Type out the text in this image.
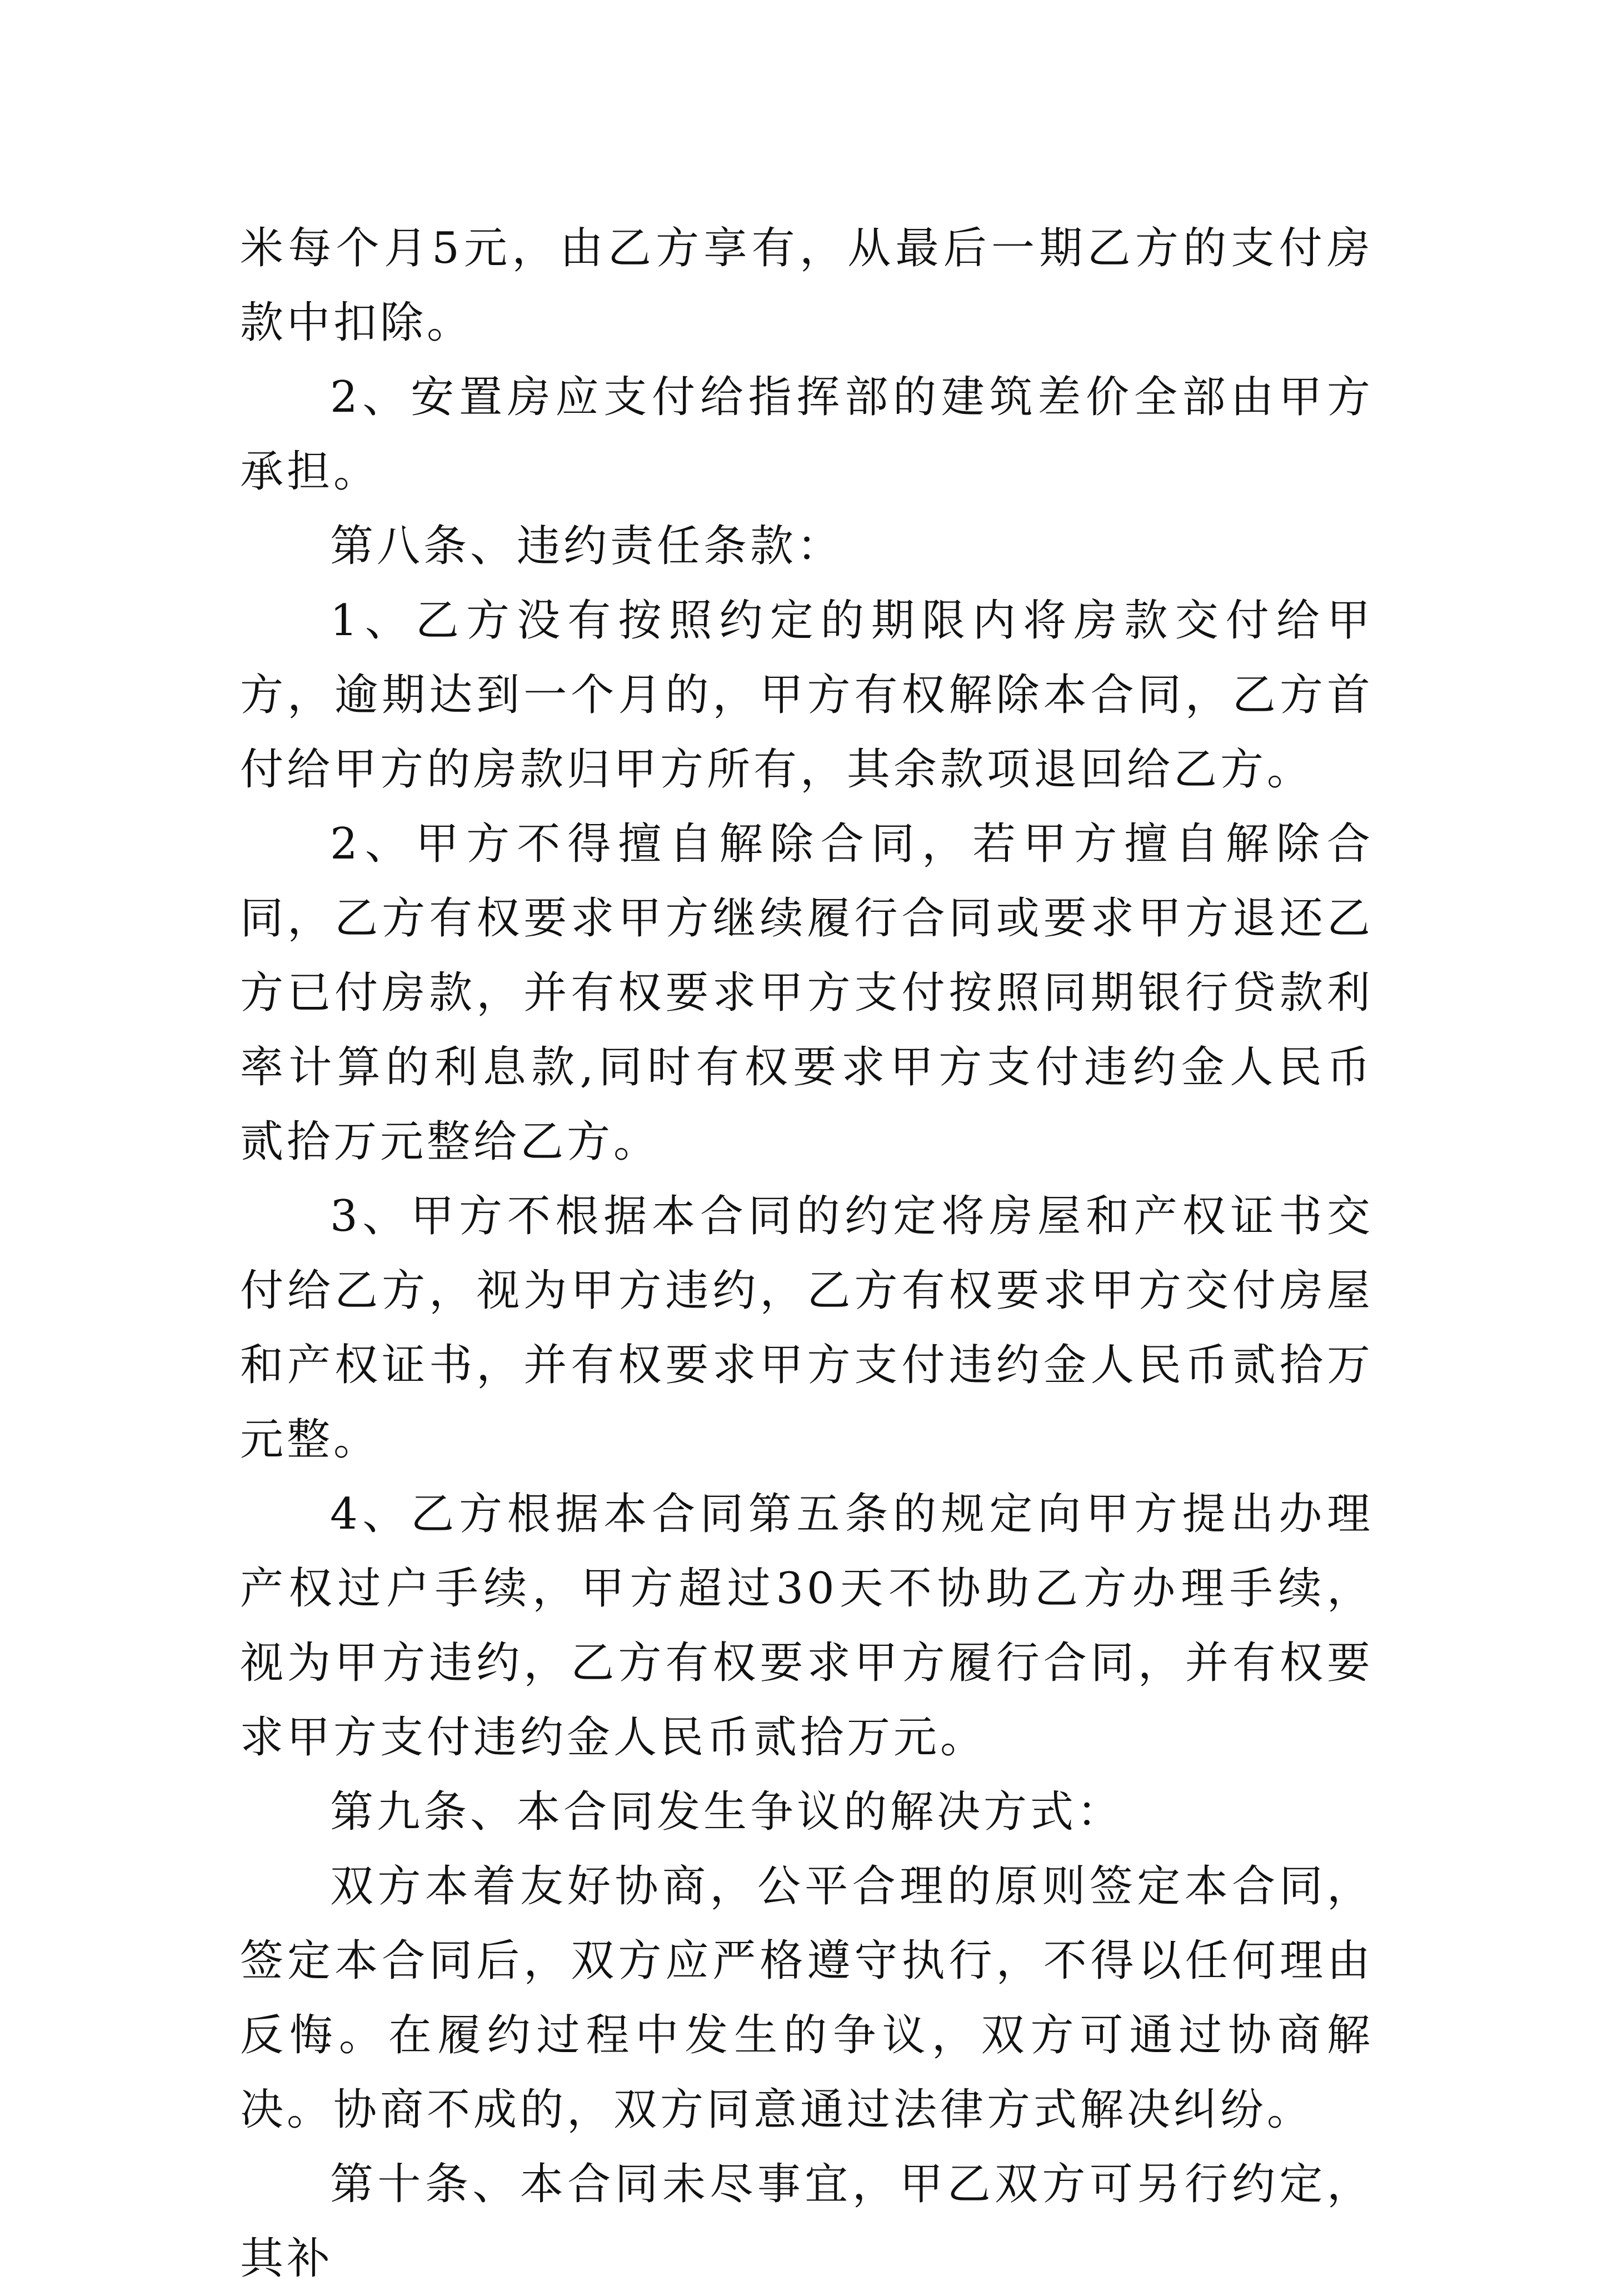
米每个月5元，由乙方享有，从最后一期乙方的支付房款中扣除。

2、安置房应支付给指挥部的建筑差价全部由甲方承担。

第八条、违约责任条款：

1、乙方没有按照约定的期限内将房款交付给甲方，逾期达到一个月的，甲方有权解除本合同，乙方首付给甲方的房款归甲方所有，其余款项退回给乙方。

2、甲方不得擅自解除合同，若甲方擅自解除合同，乙方有权要求甲方继续履行合同或要求甲方退还乙方已付房款，并有权要求甲方支付按照同期银行贷款利率计算的利息款,同时有权要求甲方支付违约金人民币贰拾万元整给乙方。

3、甲方不根据本合同的约定将房屋和产权证书交付给乙方，视为甲方违约，乙方有权要求甲方交付房屋和产权证书，并有权要求甲方支付违约金人民币贰拾万元整。

4、乙方根据本合同第五条的规定向甲方提出办理产权过户手续，甲方超过30天不协助乙方办理手续，视为甲方违约，乙方有权要求甲方履行合同，并有权要求甲方支付违约金人民币贰拾万元。

第九条、本合同发生争议的解决方式：

双方本着友好协商，公平合理的原则签定本合同，签定本合同后，双方应严格遵守执行，不得以任何理由反悔。在履约过程中发生的争议，双方可通过协商解决。协商不成的，双方同意通过法律方式解决纠纷。

第十条、本合同未尽事宜，甲乙双方可另行约定，其补
